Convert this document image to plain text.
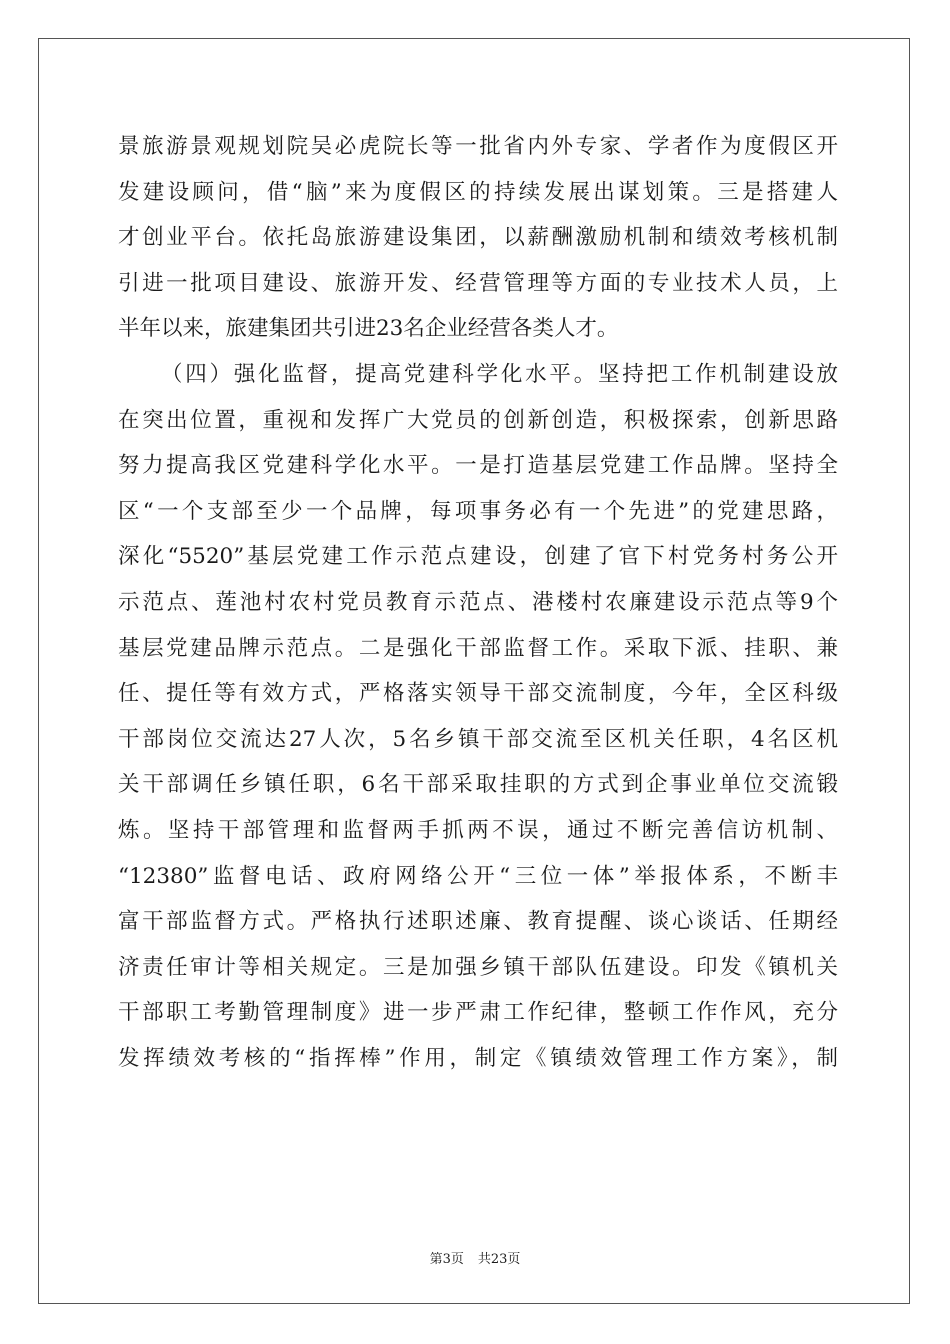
景旅游景观规划院吴必虎院长等一批省内外专家、学者作为度假区开
发建设顾问，借“脑”来为度假区的持续发展出谋划策。三是搭建人
才创业平台。依托岛旅游建设集团，以薪酬激励机制和绩效考核机制
引进一批项目建设、旅游开发、经营管理等方面的专业技术人员，上
半年以来，旅建集团共引进23名企业经营各类人才。
（四）强化监督，提高党建科学化水平。坚持把工作机制建设放
在突出位置，重视和发挥广大党员的创新创造，积极探索，创新思路
努力提高我区党建科学化水平。一是打造基层党建工作品牌。坚持全
区“一个支部至少一个品牌，每项事务必有一个先进”的党建思路，
深化“5520”基层党建工作示范点建设，创建了官下村党务村务公开
示范点、莲池村农村党员教育示范点、港楼村农廉建设示范点等9个
基层党建品牌示范点。二是强化干部监督工作。采取下派、挂职、兼
任、提任等有效方式，严格落实领导干部交流制度，今年，全区科级
干部岗位交流达27人次，5名乡镇干部交流至区机关任职，4名区机
关干部调任乡镇任职，6名干部采取挂职的方式到企事业单位交流锻
炼。坚持干部管理和监督两手抓两不误，通过不断完善信访机制、
“12380”监督电话、政府网络公开“三位一体”举报体系，不断丰
富干部监督方式。严格执行述职述廉、教育提醒、谈心谈话、任期经
济责任审计等相关规定。三是加强乡镇干部队伍建设。印发《镇机关
干部职工考勤管理制度》进一步严肃工作纪律，整顿工作作风，充分
发挥绩效考核的“指挥棒”作用，制定《镇绩效管理工作方案》，制
第3页 共23页
